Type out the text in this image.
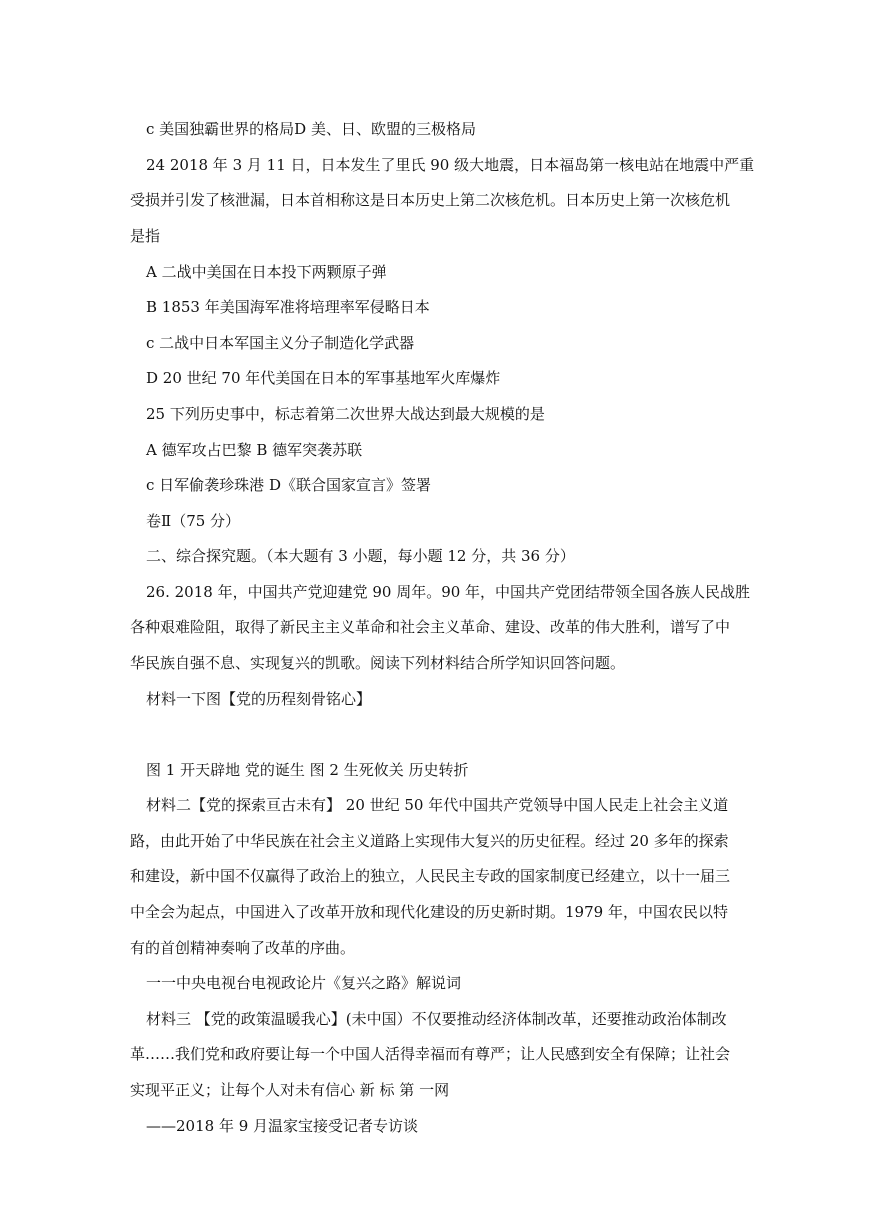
c 美国独霸世界的格局D 美、日、欧盟的三极格局

24 2018 年 3 月 11 日，日本发生了里氏 90 级大地震，日本福岛第一核电站在地震中严重

受损并引发了核泄漏，日本首相称这是日本历史上第二次核危机。日本历史上第一次核危机

是指

A 二战中美国在日本投下两颗原子弹

B 1853 年美国海军准将培理率军侵略日本

c 二战中日本军国主义分子制造化学武器

D 20 世纪 70 年代美国在日本的军事基地军火库爆炸

25 下列历史事中，标志着第二次世界大战达到最大规模的是

A 德军攻占巴黎 B 德军突袭苏联

c 日军偷袭珍珠港 D《联合国家宣言》签署

卷Ⅱ（75 分）

二、综合探究题。（本大题有 3 小题，每小题 12 分，共 36 分）

26. 2018 年，中国共产党迎建党 90 周年。90 年，中国共产党团结带领全国各族人民战胜

各种艰难险阻，取得了新民主主义革命和社会主义革命、建设、改革的伟大胜利，谱写了中

华民族自强不息、实现复兴的凯歌。阅读下列材料结合所学知识回答问题。

材料一下图【党的历程刻骨铭心】

图 1 开天辟地 党的诞生 图 2 生死攸关 历史转折

材料二【党的探索亘古未有】 20 世纪 50 年代中国共产党领导中国人民走上社会主义道

路，由此开始了中华民族在社会主义道路上实现伟大复兴的历史征程。经过 20 多年的探索

和建设，新中国不仅赢得了政治上的独立，人民民主专政的国家制度已经建立，以十一届三

中全会为起点，中国进入了改革开放和现代化建设的历史新时期。1979 年，中国农民以特

有的首创精神奏响了改革的序曲。

一一中央电视台电视政论片《复兴之路》解说词

材料三 【党的政策温暖我心】(未中国）不仅要推动经济体制改革，还要推动政治体制改

革……我们党和政府要让每一个中国人活得幸福而有尊严；让人民感到安全有保障；让社会

实现平正义；让每个人对未有信心 新 标 第 一网

——2018 年 9 月温家宝接受记者专访谈
